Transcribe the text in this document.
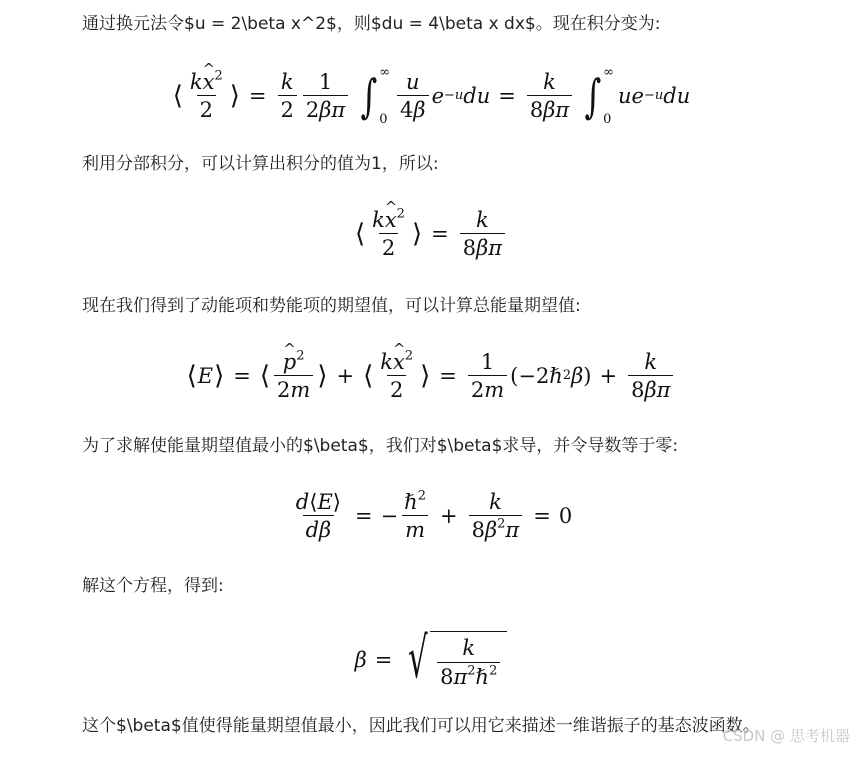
通过换元法令$u = 2\beta x^2$，则$du = 4\beta x dx$。现在积分变为:
⟨ $\frac{kx \^{}^2}{2}$ ⟩ = $\frac{k}{2} \frac{1}{2\beta\pi}$ ∫ ∞
$0 \frac{u}{4\beta}$ e −u du = $\frac{k}{8\beta\pi}$ ∫ ∞
0
ue −u du
利用分部积分，可以计算出积分的值为1，所以:
⟨ $\frac{kx \^{}^2}{2}$ ⟩ = $\frac{k}{8\beta\pi}$
现在我们得到了动能项和势能项的期望值，可以计算总能量期望值:
⟨ E ⟩ = ⟨ $\frac{p \^{}^2}{2m}$ ⟩ + ⟨ $\frac{kx \^{}^2}{2}$ ⟩ = $\frac{1}{2m} (-2$ ℏ 2 β ) + $\frac{k}{8\beta\pi}$
为了求解使能量期望值最小的$\beta$，我们对$\beta$求导，并令导数等于零:
$\frac{d⟨E⟩}{d\beta}$ = − $\frac{\hbar^2}{m} + \frac{k}{8\beta^2\pi} = 0$
解这个方程，得到:
β = √ $\frac{k}{8\pi^2\hbar^2}$
这个$\beta$值使得能量期望值最小，因此我们可以用它来描述一维谐振子的基态波函数。
CSDN @ 思考机器
